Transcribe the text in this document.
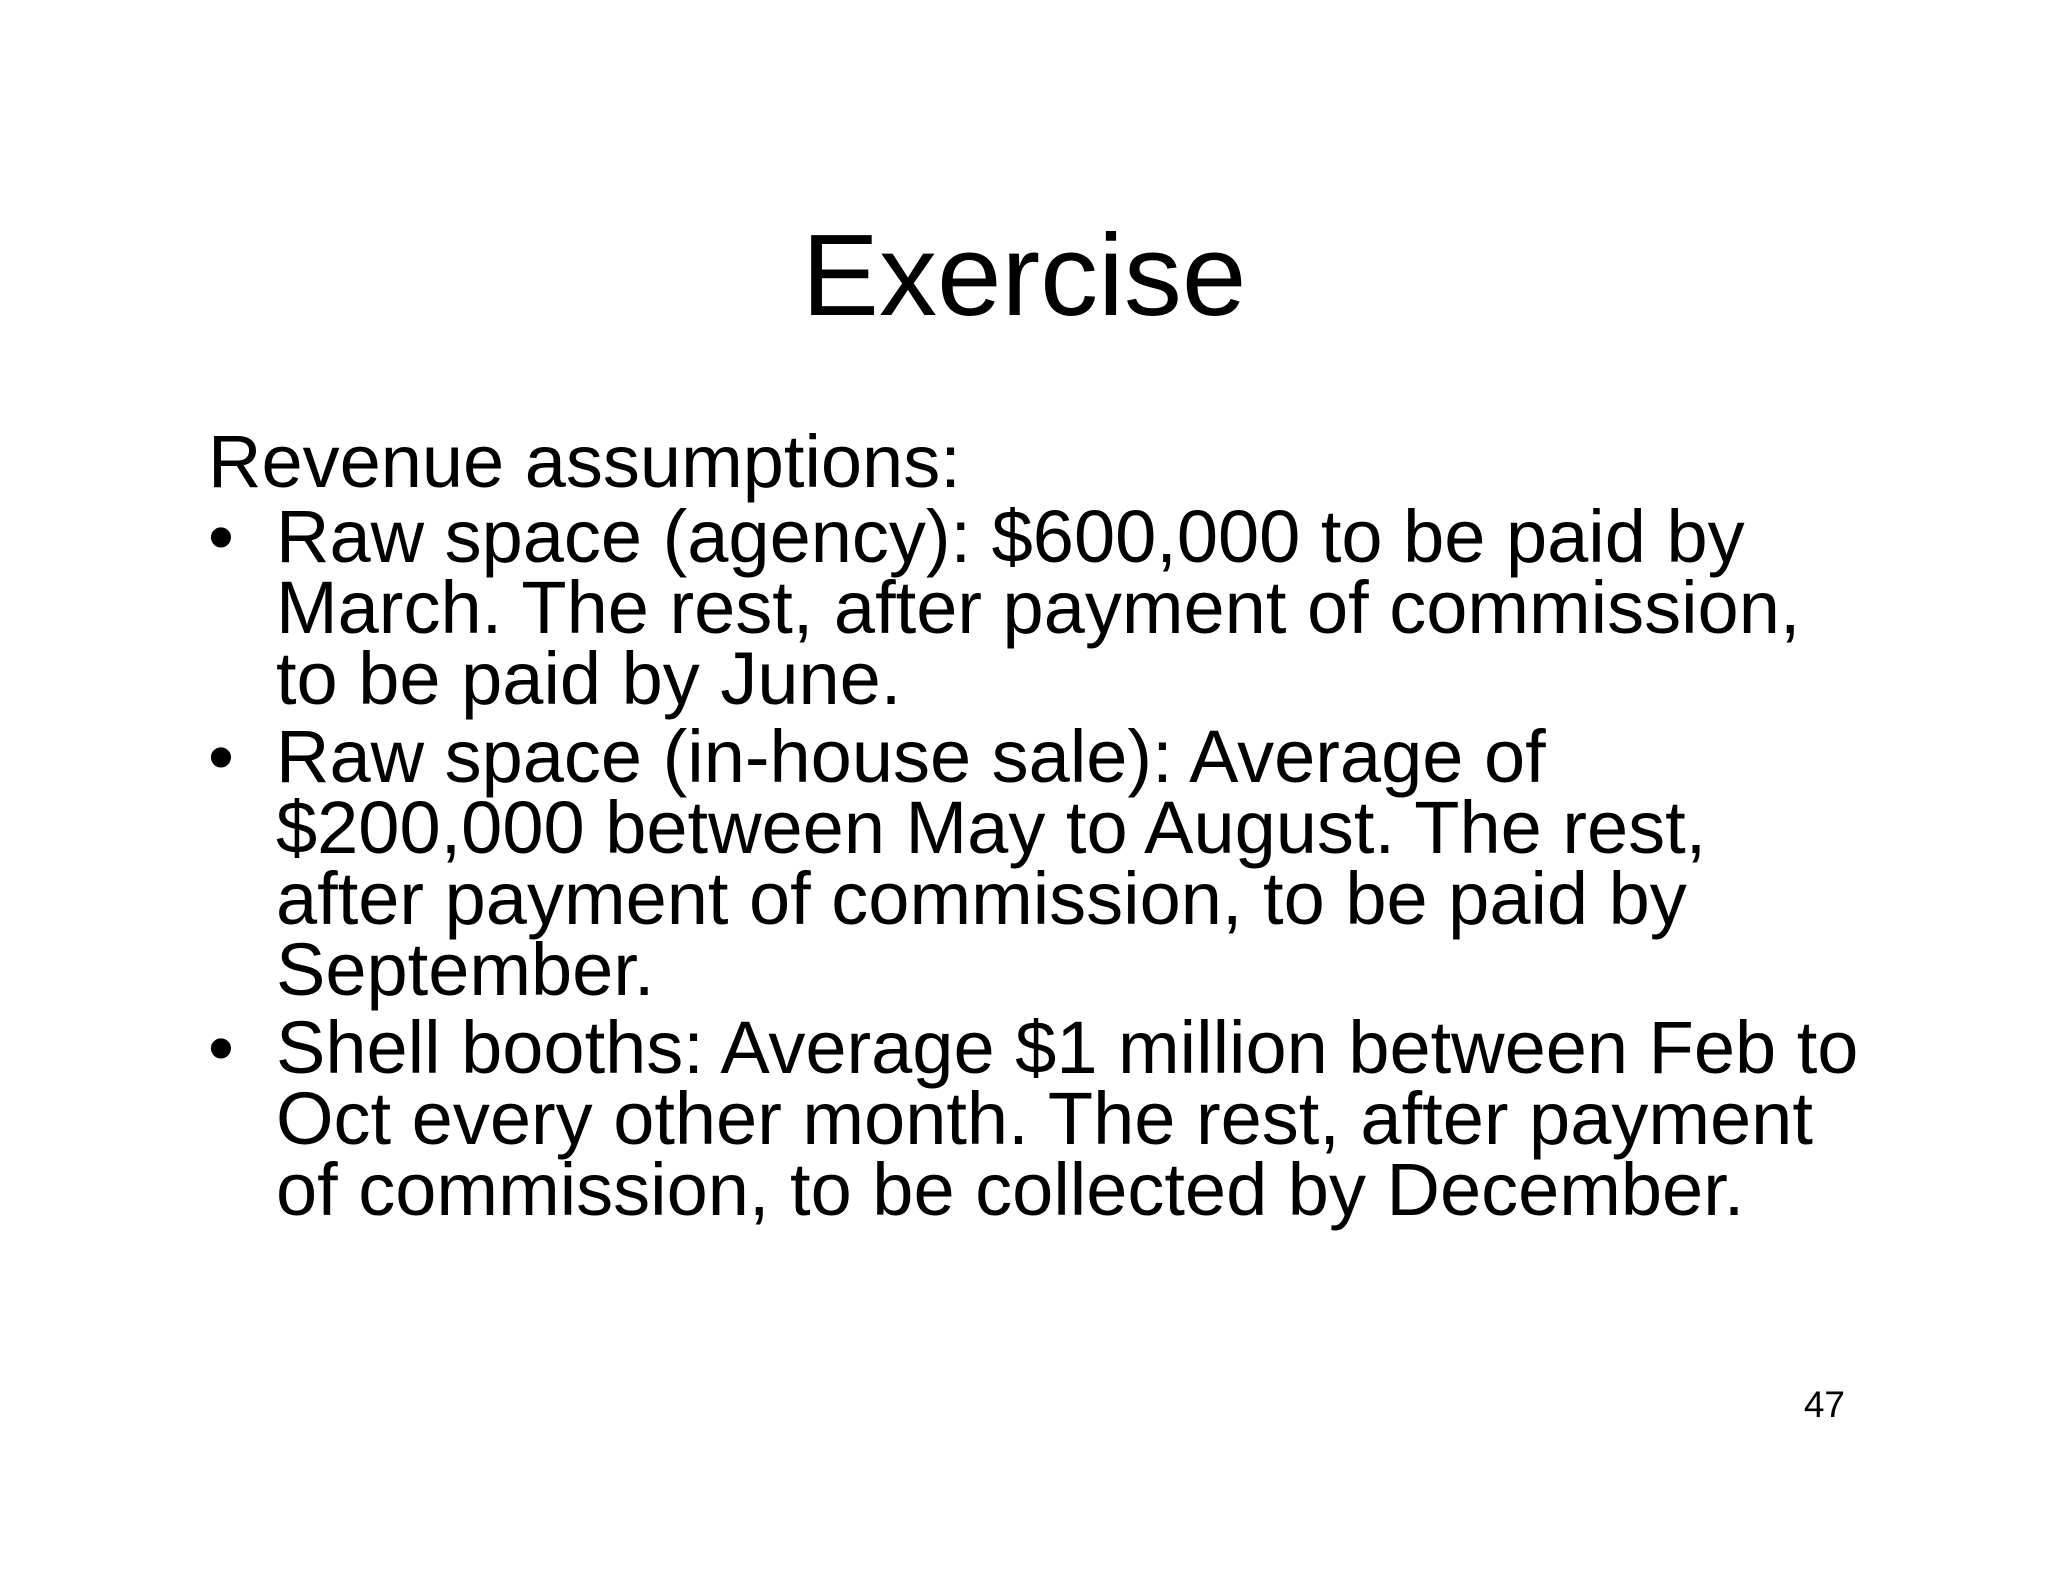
Exercise

Revenue assumptions:

• Raw space (agency): $600,000 to be paid by March. The rest, after payment of commission, to be paid by June.
• Raw space (in-house sale): Average of $200,000 between May to August. The rest, after payment of commission, to be paid by September.
• Shell booths: Average $1 million between Feb to Oct every other month. The rest, after payment of commission, to be collected by December.
47
